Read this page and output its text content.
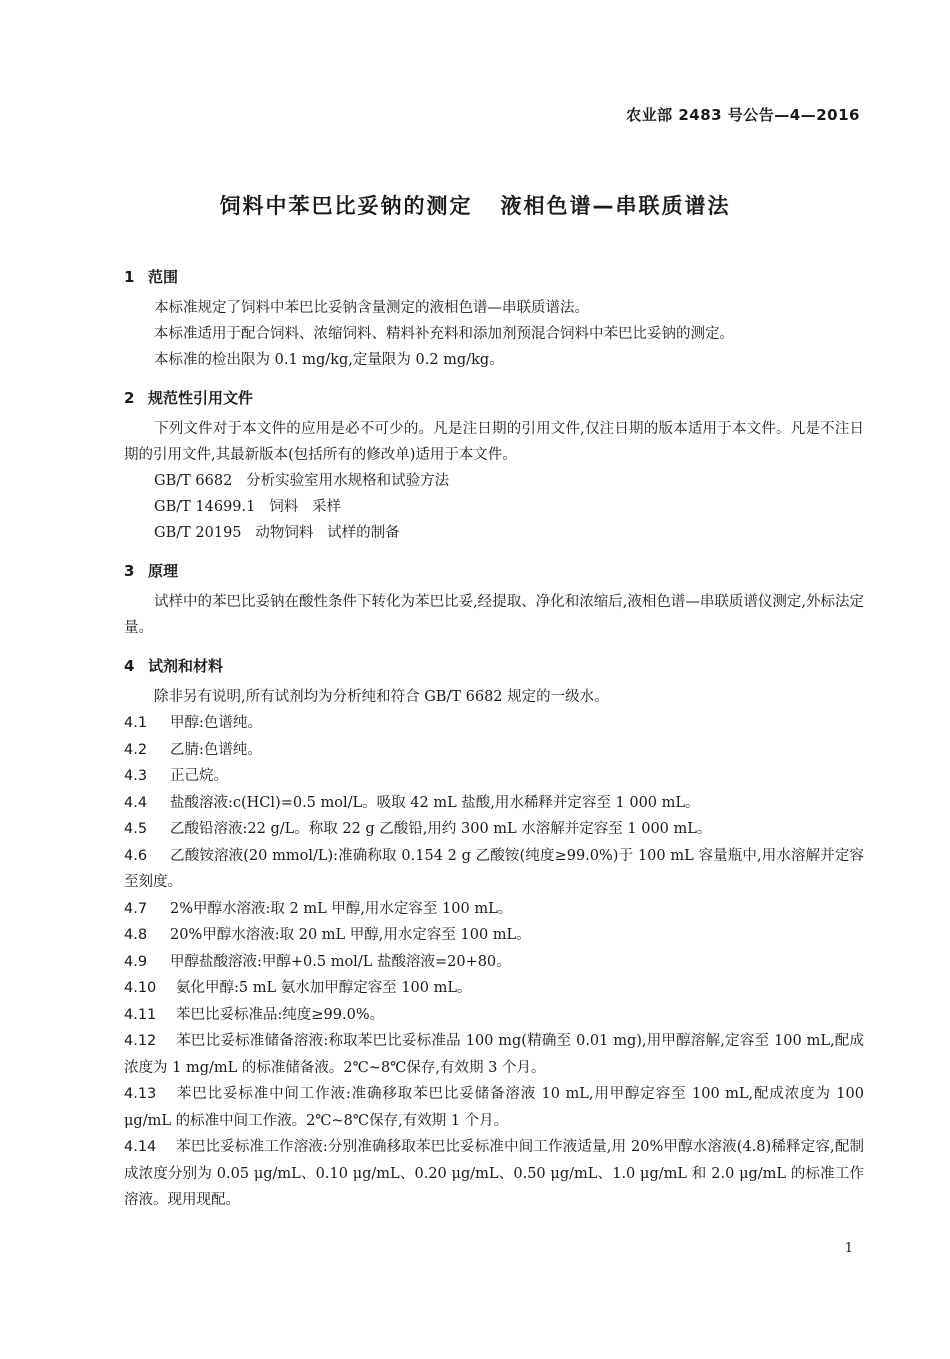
农业部 2483 号公告—4—2016
饲料中苯巴比妥钠的测定 液相色谱—串联质谱法
1 范围
本标准规定了饲料中苯巴比妥钠含量测定的液相色谱—串联质谱法。
本标准适用于配合饲料、浓缩饲料、精料补充料和添加剂预混合饲料中苯巴比妥钠的测定。
本标准的检出限为 0.1 mg/kg,定量限为 0.2 mg/kg。
2 规范性引用文件
下列文件对于本文件的应用是必不可少的。凡是注日期的引用文件,仅注日期的版本适用于本文件。凡是不注日期的引用文件,其最新版本(包括所有的修改单)适用于本文件。
GB/T 6682   分析实验室用水规格和试验方法
GB/T 14699.1   饲料   采样
GB/T 20195   动物饲料   试样的制备
3 原理
试样中的苯巴比妥钠在酸性条件下转化为苯巴比妥,经提取、净化和浓缩后,液相色谱—串联质谱仪测定,外标法定量。
4 试剂和材料
除非另有说明,所有试剂均为分析纯和符合 GB/T 6682 规定的一级水。
4.1 甲醇:色谱纯。
4.2 乙腈:色谱纯。
4.3 正己烷。
4.4 盐酸溶液:c(HCl)=0.5 mol/L。吸取 42 mL 盐酸,用水稀释并定容至 1 000 mL。
4.5 乙酸铅溶液:22 g/L。称取 22 g 乙酸铅,用约 300 mL 水溶解并定容至 1 000 mL。
4.6 乙酸铵溶液(20 mmol/L):准确称取 0.154 2 g 乙酸铵(纯度≥99.0%)于 100 mL 容量瓶中,用水溶解并定容至刻度。
4.7 2%甲醇水溶液:取 2 mL 甲醇,用水定容至 100 mL。
4.8 20%甲醇水溶液:取 20 mL 甲醇,用水定容至 100 mL。
4.9 甲醇盐酸溶液:甲醇+0.5 mol/L 盐酸溶液=20+80。
4.10 氨化甲醇:5 mL 氨水加甲醇定容至 100 mL。
4.11 苯巴比妥标准品:纯度≥99.0%。
4.12 苯巴比妥标准储备溶液:称取苯巴比妥标准品 100 mg(精确至 0.01 mg),用甲醇溶解,定容至 100 mL,配成浓度为 1 mg/mL 的标准储备液。2℃~8℃保存,有效期 3 个月。
4.13 苯巴比妥标准中间工作液:准确移取苯巴比妥储备溶液 10 mL,用甲醇定容至 100 mL,配成浓度为 100 μg/mL 的标准中间工作液。2℃~8℃保存,有效期 1 个月。
4.14 苯巴比妥标准工作溶液:分别准确移取苯巴比妥标准中间工作液适量,用 20%甲醇水溶液(4.8)稀释定容,配制成浓度分别为 0.05 μg/mL、0.10 μg/mL、0.20 μg/mL、0.50 μg/mL、1.0 μg/mL 和 2.0 μg/mL 的标准工作溶液。现用现配。
1
